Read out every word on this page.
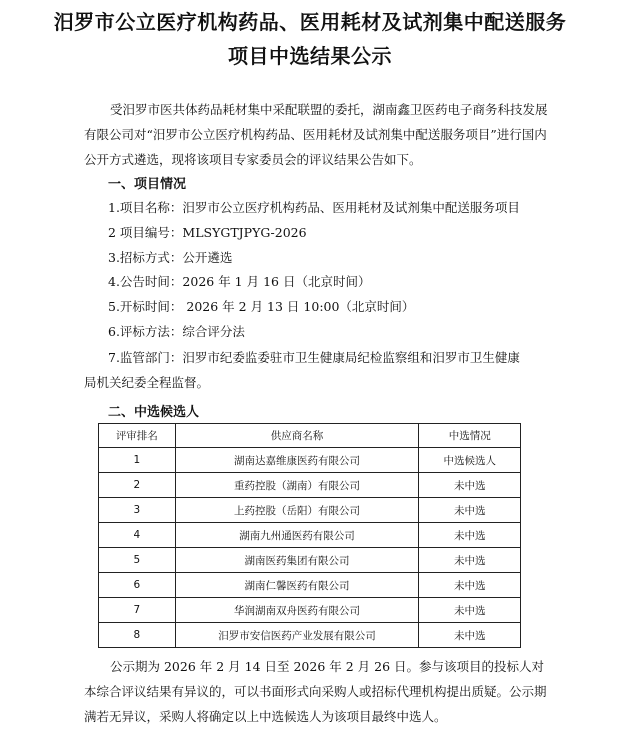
汨罗市公立医疗机构药品、医用耗材及试剂集中配送服务
项目中选结果公示
受汨罗市医共体药品耗材集中采配联盟的委托，湖南鑫卫医药电子商务科技发展有限公司对“汨罗市公立医疗机构药品、医用耗材及试剂集中配送服务项目”进行国内公开方式遴选，现将该项目专家委员会的评议结果公告如下。
一、项目情况
1.项目名称：汨罗市公立医疗机构药品、医用耗材及试剂集中配送服务项目
2 项目编号：MLSYGTJPYG-2026
3.招标方式：公开遴选
4.公告时间：2026 年 1 月 16 日（北京时间）
5.开标时间： 2026 年 2 月 13 日 10:00（北京时间）
6.评标方法：综合评分法
7.监管部门：汨罗市纪委监委驻市卫生健康局纪检监察组和汨罗市卫生健康
局机关纪委全程监督。
二、中选候选人
评审排名	供应商名称	中选情况
1	湖南达嘉维康医药有限公司	中选候选人
2	重药控股（湖南）有限公司	未中选
3	上药控股（岳阳）有限公司	未中选
4	湖南九州通医药有限公司	未中选
5	湖南医药集团有限公司	未中选
6	湖南仁馨医药有限公司	未中选
7	华润湖南双舟医药有限公司	未中选
8	汨罗市安信医药产业发展有限公司	未中选
公示期为 2026 年 2 月 14 日至 2026 年 2 月 26 日。参与该项目的投标人对本综合评议结果有异议的，可以书面形式向采购人或招标代理机构提出质疑。公示期满若无异议，采购人将确定以上中选候选人为该项目最终中选人。
